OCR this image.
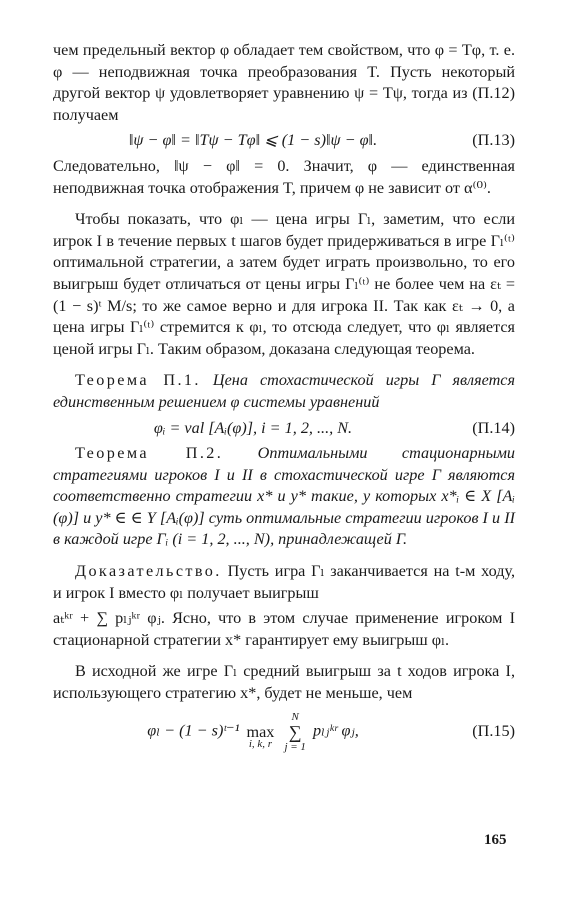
чем предельный вектор φ обладает тем свойством, что φ = Tφ, т. е. φ — неподвижная точка преобразования T. Пусть некоторый другой вектор ψ удовлетворяет уравнению ψ = Tψ, тогда из (П.12) получаем

‖ψ − φ‖ = ‖Tψ − Tφ‖ ⩽ (1 − s)‖ψ − φ‖.	(П.13)

Следовательно, ‖ψ − φ‖ = 0. Значит, φ — единственная неподвижная точка отображения T, причем φ не зависит от α⁽⁰⁾.

Чтобы показать, что φₗ — цена игры Γₗ, заметим, что если игрок I в течение первых t шагов будет придерживаться в игре Γₗ⁽ᵗ⁾ оптимальной стратегии, а затем будет играть произвольно, то его выигрыш будет отличаться от цены игры Γₗ⁽ᵗ⁾ не более чем на εₜ = (1 − s)ᵗ M/s; то же самое верно и для игрока II. Так как εₜ → 0, а цена игры Γₗ⁽ᵗ⁾ стремится к φₗ, то отсюда следует, что φₗ является ценой игры Γₗ. Таким образом, доказана следующая теорема.

Теорема П.1. Цена стохастической игры Γ является единственным решением φ системы уравнений

φᵢ = val [Aᵢ(φ)], i = 1, 2, ..., N.	(П.14)

Теорема П.2. Оптимальными стационарными стратегиями игроков I и II в стохастической игре Γ являются соответственно стратегии x* и y* такие, у которых x*ᵢ ∈ X [Aᵢ (φ)] и y* ∈ ∈ Y [Aᵢ(φ)] суть оптимальные стратегии игроков I и II в каждой игре Γᵢ (i = 1, 2, ..., N), принадлежащей Γ.

Доказательство. Пусть игра Γₗ заканчивается на t-м ходу, и игрок I вместо φₗ получает выигрыш

aₜᵏʳ + ∑ pₗⱼᵏʳ φⱼ. Ясно, что в этом случае применение игроком I стационарной стратегии x* гарантирует ему выигрыш φₗ.

В исходной же игре Γₗ средний выигрыш за t ходов игрока I, использующего стратегию x*, будет не меньше, чем

φₗ − (1 − s)ᵗ⁻¹ max
i, k, r

N
∑
j = 1
pₗⱼᵏʳ φⱼ,	(П.15)
165
